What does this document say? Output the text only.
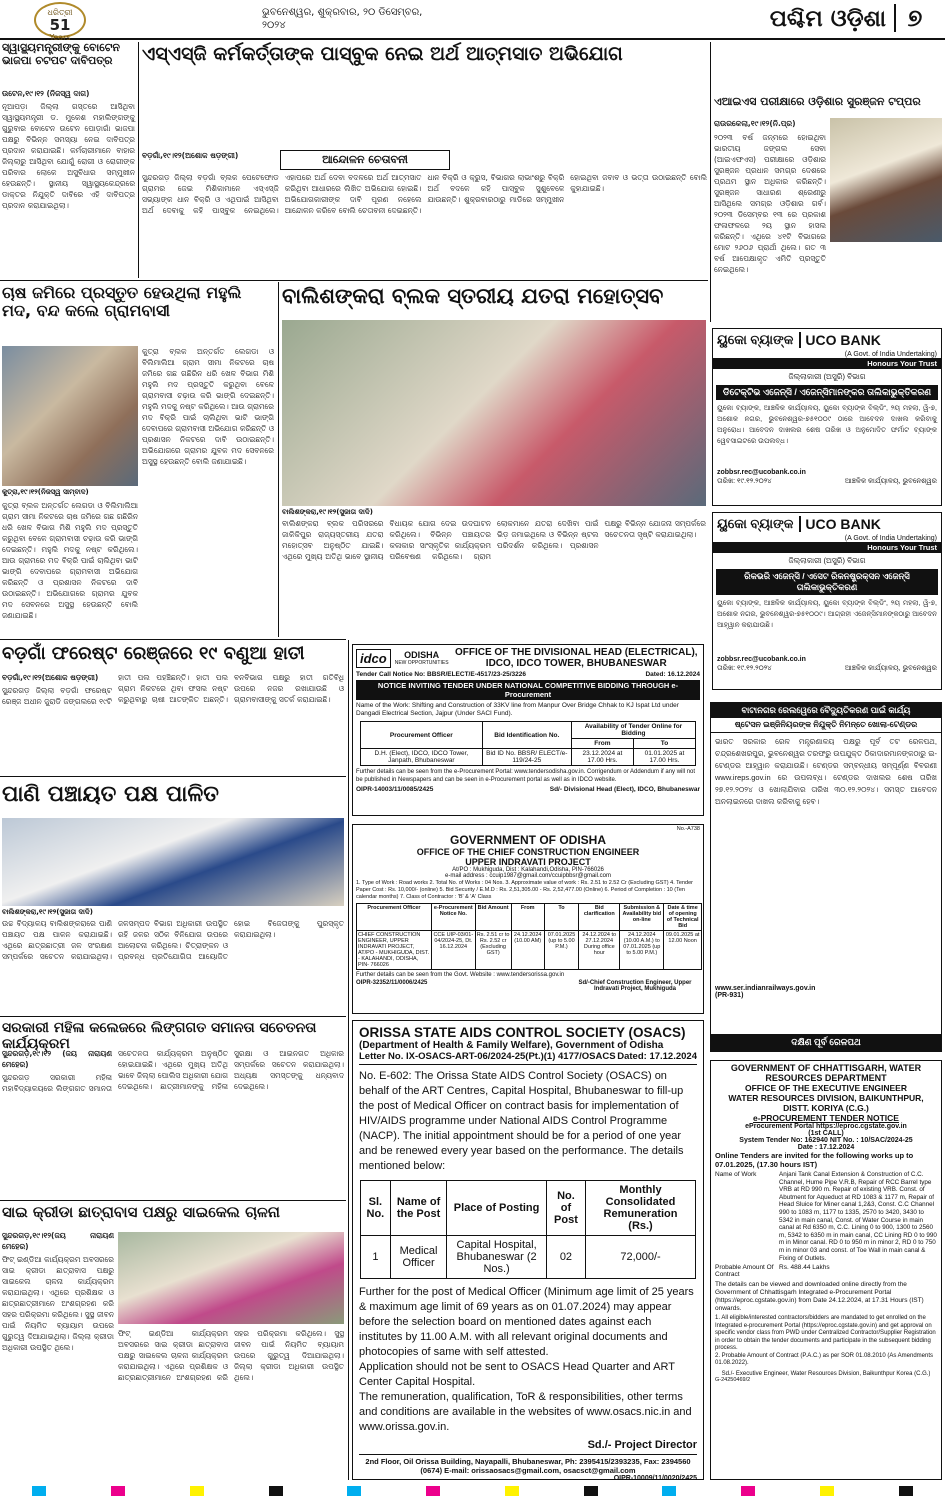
ଧରିତ୍ରୀ
51
Years
ଭୁବନେଶ୍ୱର, ଶୁକ୍ରବାର, ୨୦ ଡିସେମ୍ବର, ୨୦୨୪	ପଶ୍ଚିମ ଓଡ଼ିଶା ୭
ସ୍ୱାସ୍ଥ୍ୟମନ୍ତ୍ରୀଙ୍କୁ ବୋଟେନ ଭାଜପା ଚଟପଟ ଦାବିପତ୍ର

ଉଟେନ,୧୯।୧୨ (ନିଜସ୍ୱ ଦାଗ)

ନୂଆପଡ଼ା ଜିଲ୍ଲା ଗସ୍ତରେ ଆସିଥିବା ସ୍ୱାସ୍ଥ୍ୟମନ୍ତ୍ରୀ ଡ. ମୁକେଶ ମହାଲିଙ୍ଗଙ୍କୁ ଗୁରୁବାର ବୋଟେନ ଉଟେନ ପୋଡ଼ାଗାଁ ଭାଜପା ପକ୍ଷରୁ ବିଭିନ୍ନ ସମସ୍ୟା ନେଇ ଦାବିପତ୍ର ପ୍ରଦାନ କରାଯାଇଛି। କର୍ମଚାରୀମାନେ ବାହାର ଜିଲ୍ଲାରୁ ଆସିଥିବା ଯୋଗୁଁ ରୋଗୀ ଓ ରୋଗୀଙ୍କ ପରିବାର ଲୋକେ ଅସୁବିଧାର ସମ୍ମୁଖୀନ ହେଉଛନ୍ତି। ସ୍ଥାନୀୟ ସ୍ୱାସ୍ଥ୍ୟକେନ୍ଦ୍ରରେ ଡାକ୍ତର ନିଯୁକ୍ତି ଦାବିରେ ଏହି ଦାବିପତ୍ର ପ୍ରଦାନ କରାଯାଇଥିଲା।

ଏସ୍ଏସ୍‌ଜି କର୍ମକର୍ତ୍ତାଙ୍କ ପାସ୍‌ବୁକ ନେଇ ଅର୍ଥ ଆତ୍ମସାତ ଅଭିଯୋଗ
ଆନ୍ଦୋଳନ ଚେତାବନୀ

ବଡ଼ଗାଁ,୧୯।୧୨(ଅଶୋକ ଷଡ଼ଙ୍ଗୀ)

ସୁନ୍ଦରଗଡ଼ ଜିଲ୍ଲା ବଡ଼ଗାଁ ବ୍ଲକ ପେଟେଫୋଡ ଗ୍ରାମର ଜେଇ ମିଶିକାମାନେ ଏସ୍ଏସ୍‌ଜି ସଭ୍ୟାଙ୍କ ଧାନ ବିକ୍ରି ଓ ଏଥିପାଇଁ ଆସିଥିବା ଅର୍ଥ ଦେବାକୁ କହି ପାସ୍‌ବୁକ ନେଇଥିଲେ। ଏହାପରେ ଅର୍ଥ ଦେବା ବଦଳରେ ଅର୍ଥ ଆତ୍ମସାତ କରିଥିବା ଆଧାରରେ ଲିଖିତ ଅଭିଯୋଗ ହୋଇଛି। ଅଭିଯୋଗକାରୀଙ୍କ ଦାବି ପୂରଣ ନହେଲେ ଆନ୍ଦୋଳନ କରିବେ ବୋଲି ଚେତାବନୀ ଦେଇଛନ୍ତି। ଧାନ ବିକ୍ରି ଓ କ୍ରୁସ, ବିଭାଗର ଲାଭାଂଶରୁ ବିକ୍ରି ଅର୍ଥ ବଦଳେ କହି ପାସ୍‌ବୁକ ସୁଶୁବେଳେ ଯାଉଛନ୍ତି। ଶୁକ୍ରବାରଠାରୁ ମାଡିରେ ସମ୍ମୁଖୀନ ହୋଇଥିବା ଜବାବ ଓ ଭତ୍ତା ଉଠାଇଛନ୍ତି ବୋଲି କୁହାଯାଇଛି।
ଏଆଇଏସ ପରୀକ୍ଷାରେ ଓଡ଼ିଶାର ସୁରଞ୍ଜନ ଟପ୍ପର

ରାଉରକେଲା,୧୯।୧୨(ନି.ପ୍ର)

୨୦୨୩ ବର୍ଷ ଜନ୍ମରେ ହୋଇଥିବା ଭାରତୀୟ ଜଙ୍ଗଲ ସେବା (ଆଇଏଫଏସ) ପରୀକ୍ଷାରେ ଓଡ଼ିଶାର ସୁରଞ୍ଜନ ପ୍ରଧାନ ସମଗ୍ର ଦେଶରେ ପ୍ରଥମ ସ୍ଥାନ ଅଧିକାର କରିଛନ୍ତି। ସୁରଞ୍ଜନ ସାଧାରଣ ଶ୍ରେଣୀରୁ ଆସିଥିଲେ ସମଗ୍ର ଓଡ଼ିଶାର ଗର୍ବ। ୨୦୨୩ ଡିସେମ୍ବର ୧୩ ରେ ପ୍ରକାଶ ଫଳାଫଳରେ ୨ୟ ସ୍ଥାନ ହାସଲ କରିଛନ୍ତି। ଏଥିରେ ୪୧ଟି ବିଭାଗରେ ମୋଟ ୨୬୦୬ ପ୍ରାର୍ଥୀ ଥିଲେ। ଗତ ୩ ବର୍ଷ ଆପେକ୍ଷାକୃତ ଏମିତି ପ୍ରସ୍ତୁତି ନେଇଥିଲେ।
ଚାଷ ଜମିରେ ପ୍ରସ୍ତୁତ ହେଉଥିଲା ମହୁଲି ମଦ, ବନ୍ଦ କଲେ ଗ୍ରାମବାସୀ
କୁତ୍ରା,୧୯।୧୨(ନିଜସ୍ୱ ସାମ୍ବାଦ)
କୁତ୍ରା ବ୍ଲକ ଅନ୍ତର୍ଗତ ଲେଗଡା ଓ ବିଲିମାଲିଆ ଗ୍ରାମ ସୀମା ନିକଟରେ ଚାଷ ଜମିରେ ଗଛ ଗଛିରିନ ଧରି ଖେଳ ବିଭାଗ ମିଶି ମହୁଲି ମଦ ପ୍ରସ୍ତୁତି କରୁଥିବା ବେଳେ ଗ୍ରାମବାସୀ ଚଢ଼ାଉ କରି ଭାଙ୍ଗି ଦେଇଛନ୍ତି। ମହୁଲି ମଦକୁ ନଷ୍ଟ କରିଥିଲେ। ଆଉ ଗ୍ରାମରେ ମଦ ବିକ୍ରି ପାଇଁ ଚାଲିଥିବା ଭାଟି ଭାଙ୍ଗି ଦେବାପରେ ଗ୍ରାମବାସୀ ଅଭିଯୋଗ କରିଛନ୍ତି ଓ ପ୍ରଶାସନ ନିକଟରେ ଦାବି ଉଠାଇଛନ୍ତି। ଅଭିଯୋଗରେ ଗ୍ରାମର ଯୁବକ ମଦ ସେବନରେ ଅସୁସ୍ଥ ହେଉଛନ୍ତି ବୋଲି ଜଣାଯାଇଛି।
କୁତ୍ରା ବ୍ଲକ ଅନ୍ତର୍ଗତ ଲେଗଡା ଓ ବିଲିମାଲିଆ ଗ୍ରାମ ସୀମା ନିକଟରେ ଚାଷ ଜମିରେ ଗଛ ଗଛିରିନ ଧରି ଖେଳ ବିଭାଗ ମିଶି ମହୁଲି ମଦ ପ୍ରସ୍ତୁତି କରୁଥିବା ବେଳେ ଗ୍ରାମବାସୀ ଚଢ଼ାଉ କରି ଭାଙ୍ଗି ଦେଇଛନ୍ତି। ମହୁଲି ମଦକୁ ନଷ୍ଟ କରିଥିଲେ। ଆଉ ଗ୍ରାମରେ ମଦ ବିକ୍ରି ପାଇଁ ଚାଲିଥିବା ଭାଟି ଭାଙ୍ଗି ଦେବାପରେ ଗ୍ରାମବାସୀ ଅଭିଯୋଗ କରିଛନ୍ତି ଓ ପ୍ରଶାସନ ନିକଟରେ ଦାବି ଉଠାଇଛନ୍ତି। ଅଭିଯୋଗରେ ଗ୍ରାମର ଯୁବକ ମଦ ସେବନରେ ଅସୁସ୍ଥ ହେଉଛନ୍ତି ବୋଲି ଜଣାଯାଇଛି।
ବାଲିଶଙ୍କରା ବ୍ଲକ ସ୍ତରୀୟ ଯତରା ମହୋତ୍ସବ
ବାଲିଶଙ୍କରା,୧୯।୧୨(ସୁଜାତା ଦାଦି)
ବାଲିଶଙ୍କରା ବ୍ଲକ ପରିସରରେ ଜାକିକିପୁର ରାଜ୍ୟସ୍ତରୀୟ ଯତରା ମହୋତ୍ସବ ଅନୁଷ୍ଠିତ ଯାଇଛି। ଏଥିରେ ମୁଖ୍ୟ ଅତିଥି ଭାବେ ସ୍ଥାନୀୟ ବିଧାୟକ ଯୋଗ ଦେଇ ଉଦଘାଟନ କରିଥିଲେ। ବିଭିନ୍ନ ପଞ୍ଚାୟତର କଳାକାର ସାଂସ୍କୃତିକ କାର୍ଯ୍ୟକ୍ରମ ପରିବେଷଣ କରିଥିଲେ। ଗ୍ରାମ ଲୋକମାନେ ଯତରା ଦେଖିବା ପାଇଁ ଭିଡ଼ ଜମାଇଥିଲେ ଓ ବିଭିନ୍ନ ଷ୍ଟଲ ପରିଦର୍ଶନ କରିଥିଲେ। ପ୍ରଶାସନ ପକ୍ଷରୁ ବିଭିନ୍ନ ଯୋଜନା ସମ୍ପର୍କରେ ସଚେତନତା ସୃଷ୍ଟି କରାଯାଇଥିଲା।
ୟୁକୋ ବ୍ୟାଙ୍କ UCO BANK
(A Govt. of India Undertaking)
Honours Your Trust
ଜିଲ୍ଲାକାରୀ (ଅସୁରି) ବିଭାଗ
ଡିଟେକ୍ଟିଭ ଏଜେନ୍ସି / ଏଜେନ୍ସିମାନଙ୍କର ତାଲିକାଭୁକ୍ତିକରଣ
ୟୁକୋ ବ୍ୟାଙ୍କ, ଆଞ୍ଚଳିକ କାର୍ଯ୍ୟାଳୟ, ୟୁକୋ ବ୍ୟାଙ୍କ ବିଲ୍ଡିଂ, ୨ୟ ମହଲା, ୱି-୭, ଅଶୋକ ନଗର, ଭୁବନେଶ୍ୱର-୭୫୧୦୦୯ ଠାରେ ଆବେଦନ ଦାଖଲ କରିବାକୁ ଅନୁରୋଧ। ଆବେଦନ ଦାଖଲର ଶେଷ ତାରିଖ ଓ ଅନୁମୋଦିତ ଫର୍ମାଟ ବ୍ୟାଙ୍କ ୱେବସାଇଟରେ ଉପଲବ୍ଧ।
zobbsr.rec@ucobank.co.in
ତାରିଖ: ୧୯.୧୨.୨୦୨୪	ଆଞ୍ଚଳିକ କାର୍ଯ୍ୟାଳୟ, ଭୁବନେଶ୍ୱର
ୟୁକୋ ବ୍ୟାଙ୍କ UCO BANK
(A Govt. of India Undertaking)
Honours Your Trust
ଜିଲ୍ଲାକାରୀ (ଅସୁରି) ବିଭାଗ
ରିକଭରି ଏଜେନ୍ସି / ଏସେଟ ରିକନଷ୍ଟ୍ରକ୍ସନ ଏଜେନ୍ସି ତାଲିକାଭୁକ୍ତିକରଣ
ୟୁକୋ ବ୍ୟାଙ୍କ, ଆଞ୍ଚଳିକ କାର୍ଯ୍ୟାଳୟ, ୟୁକୋ ବ୍ୟାଙ୍କ ବିଲ୍ଡିଂ, ୨ୟ ମହଲା, ୱି-୭, ଅଶୋକ ନଗର, ଭୁବନେଶ୍ୱର-୭୫୧୦୦୯। ଆଗ୍ରହୀ ଏଜେନ୍ସିମାନଙ୍କଠାରୁ ଆବେଦନ ଆହ୍ୱାନ କରାଯାଉଛି।
zobbsr.rec@ucobank.co.in
ତାରିଖ: ୧୯.୧୨.୨୦୨୪	ଆଞ୍ଚଳିକ କାର୍ଯ୍ୟାଳୟ, ଭୁବନେଶ୍ୱର
ବଡ଼ଗାଁ ଫରେଷ୍ଟ ରେଞ୍ଜରେ ୧୯ ବଣୁଆ ହାତୀ

ବଡ଼ଗାଁ,୧୯।୧୨(ଅଶୋକ ଷଡ଼ଙ୍ଗୀ)

ସୁନ୍ଦରଗଡ଼ ଜିଲ୍ଲା ବଡ଼ଗାଁ ଫରେଷ୍ଟ ରେଞ୍ଜ ଅଧୀନ ଜୁରାଡି ଜଙ୍ଗଲରେ ୧୯ଟି ହାତୀ ପଲ ପହଞ୍ଚିଛନ୍ତି। ହାତୀ ପଲ ଗ୍ରାମ ନିକଟରେ ଥିବା ଫସଲ ନଷ୍ଟ କରୁଥିବାରୁ ଚାଷୀ ଆତଙ୍କିତ ଅଛନ୍ତି। ବନବିଭାଗ ପକ୍ଷରୁ ହାତୀ ଗତିବିଧି ଉପରେ ନଜର ରଖାଯାଉଛି ଓ ଗ୍ରାମବାସୀଙ୍କୁ ସତର୍କ କରାଯାଇଛି।

ପାଣି ପଞ୍ଚାୟତ ପକ୍ଷ ପାଳିତ
ବାଲିଶଙ୍କରା,୧୯।୧୨(ସୁଜାତା ଦାଦି)
ଉଚ୍ଚ ବିଦ୍ୟାଳୟ ବାଲିଶଙ୍କରାରେ ପାଣି ପଞ୍ଚାୟତ ପକ୍ଷ ପାଳନ କରାଯାଇଛି। ଏଥିରେ ଛାତ୍ରଛାତ୍ରୀ ଜଳ ସଂରକ୍ଷଣ ସମ୍ପର୍କରେ ସଚେତନ କରାଯାଇଥିଲା। ଜଳସମ୍ପଦ ବିଭାଗ ଅଧିକାରୀ ଉପସ୍ଥିତ ରହି ଜଳର ସଠିକ ବିନିଯୋଗ ଉପରେ ଆଲୋଚନା କରିଥିଲେ। ଚିତ୍ରାଙ୍କନ ଓ ପ୍ରବନ୍ଧ ପ୍ରତିଯୋଗିତା ଆୟୋଜିତ ହୋଇ ବିଜେତାଙ୍କୁ ପୁରସ୍କୃତ କରାଯାଇଥିଲା।
ସରକାରୀ ମହିଳା କଲେଜରେ ଲିଙ୍ଗଗତ ସମାନତା ସଚେତନତା କାର୍ଯ୍ୟକ୍ରମ

ସୁନ୍ଦରଗଡ଼,୧୯।୧୨ (ଜୟ ନାରାୟଣ ମେହେର)

ସୁନ୍ଦରଗଡ଼ ସରକାରୀ ମହିଳା ମହାବିଦ୍ୟାଳୟରେ ଲିଙ୍ଗଗତ ସମାନତା ସଚେତନତା କାର୍ଯ୍ୟକ୍ରମ ଅନୁଷ୍ଠିତ ହୋଇଯାଇଛି। ଏଥିରେ ମୁଖ୍ୟ ଅତିଥି ଭାବେ ଜିଲ୍ଲା ପୋଲିସ ଅଧିକାରୀ ଯୋଗ ଦେଇଥିଲେ। ଛାତ୍ରୀମାନଙ୍କୁ ମହିଳା ସୁରକ୍ଷା ଓ ଆଇନଗତ ଅଧିକାର ସମ୍ପର୍କରେ ସଚେତନ କରାଯାଇଥିଲା। ଅଧ୍ୟକ୍ଷ ସମସ୍ତଙ୍କୁ ଧନ୍ୟବାଦ ଦେଇଥିଲେ।

ସାଇ କ୍ରୀଡା ଛାତ୍ରାବାସ ପକ୍ଷରୁ ସାଇକେଲ ଚାଳନା

ସୁନ୍ଦରଗଡ଼,୧୯।୧୨(ଜୟ ନାରାୟଣ ମେହେର)

ଫିଟ୍ ଇଣ୍ଡିଆ କାର୍ଯ୍ୟକ୍ରମ ଅବସରରେ ସାଇ କ୍ରୀଡା ଛାତ୍ରାବାସ ପକ୍ଷରୁ ସାଇକେଲ ଚାଳନା କାର୍ଯ୍ୟକ୍ରମ କରାଯାଇଥିଲା। ଏଥିରେ ପ୍ରଶିକ୍ଷକ ଓ ଛାତ୍ରଛାତ୍ରୀମାନେ ଅଂଶଗ୍ରହଣ କରି ସହର ପରିକ୍ରମା କରିଥିଲେ। ସୁସ୍ଥ ଜୀବନ ପାଇଁ ନିୟମିତ ବ୍ୟାୟାମ ଉପରେ ଗୁରୁତ୍ୱ ଦିଆଯାଇଥିଲା। ଜିଲ୍ଲା କ୍ରୀଡା ଅଧିକାରୀ ଉପସ୍ଥିତ ଥିଲେ।

ଫିଟ୍ ଇଣ୍ଡିଆ କାର୍ଯ୍ୟକ୍ରମ ଅବସରରେ ସାଇ କ୍ରୀଡା ଛାତ୍ରାବାସ ପକ୍ଷରୁ ସାଇକେଲ ଚାଳନା କାର୍ଯ୍ୟକ୍ରମ କରାଯାଇଥିଲା। ଏଥିରେ ପ୍ରଶିକ୍ଷକ ଓ ଛାତ୍ରଛାତ୍ରୀମାନେ ଅଂଶଗ୍ରହଣ କରି ସହର ପରିକ୍ରମା କରିଥିଲେ। ସୁସ୍ଥ ଜୀବନ ପାଇଁ ନିୟମିତ ବ୍ୟାୟାମ ଉପରେ ଗୁରୁତ୍ୱ ଦିଆଯାଇଥିଲା। ଜିଲ୍ଲା କ୍ରୀଡା ଅଧିକାରୀ ଉପସ୍ଥିତ ଥିଲେ।
idco	ODISHA
NEW OPPORTUNITIES
OFFICE OF THE DIVISIONAL HEAD (ELECTRICAL), IDCO, IDCO TOWER, BHUBANESWAR
Tender Call Notice No: BBSR/ELECT/E-4517/23-25/3226	Dated: 16.12.2024
NOTICE INVITING TENDER UNDER NATIONAL COMPETITIVE BIDDING THROUGH e-Procurement
Name of the Work: Shifting and Construction of 33KV line from Manpur Over Bridge Chhak to KJ Ispat Ltd under Dangadi Electrical Section, Jajpur (Under SACI Fund).
Procurement Officer	Bid Identification No.	Availability of Tender Online for Bidding	
		From	To
D.H. (Elect), IDCO, IDCO Tower, Janpath, Bhubaneswar	Bid ID No. BBSR/ ELECT/e-119/24-25	23.12.2024 at 17.00 Hrs.	01.01.2025 at 17.00 Hrs.
Further details can be seen from the e-Procurement Portal: www.tendersodisha.gov.in. Corrigendum or Addendum if any will not be published in Newspapers and can be seen in e-Procurement portal as well as in IDCO website.
OIPR-14003/11/0085/2425	Sd/- Divisional Head (Elect), IDCO, Bhubaneswar
No.-A738
GOVERNMENT OF ODISHA
OFFICE OF THE CHIEF CONSTRUCTION ENGINEER
UPPER INDRAVATI PROJECT
At/PO : Mukhiguda, Dist : Kalahandi,Odisha, PIN-766026
e-mail address : ccuip1987@gmail.com/ccuipbbsr@gmail.com
1. Type of Work : Road works 2. Total No. of Works : 04 Nos. 3. Approximate value of work : Rs. 2.51 to 2.52 Cr (Excluding GST) 4. Tender Paper Cost : Rs. 10,000/- (online) 5. Bid Security / E.M.D : Rs. 2,51,305.00 - Rs. 2,52,477.00 (Online) 6. Period of Completion : 10 (Ten calendar months) 7. Class of Contractor : 'B' & 'A' Class
Procurement Officer	e-Procurement Notice No.	Bid Amount	From	To	Bid clarification	Submission & Availability bid on-line	Date & time of opening of Technical Bid
CHIEF CONSTRUCTION ENGINEER, UPPER INDRAVATI PROJECT, AT/PO - MUKHIGUDA, DIST. - KALAHANDI, ODISHA, PIN- 766026	CCE UIP-03/01-04/2024-25, Dt. 16.12.2024	Rs. 2.51 cr to Rs. 2.52 cr (Excluding GST)	24.12.2024 (10.00 AM)	07.01.2025 (up to 5.00 P.M.)	24.12.2024 to 27.12.2024 During office hour	24.12.2024 (10.00 A.M.) to 07.01.2025 (up to 5.00 P.M.)	09.01.2025 at 12.00 Noon
Further details can be seen from the Govt. Website : www.tendersorissa.gov.in
OIPR-32352/11/0006/2425	Sd/-Chief Construction Engineer, Upper Indravati Project, Mukhiguda
ORISSA STATE AIDS CONTROL SOCIETY (OSACS)
(Department of Health & Family Welfare), Government of Odisha
Letter No. IX-OSACS-ART-06/2024-25(Pt.)(1) 4177/OSACS Dated: 17.12.2024
No. E-602: The Orissa State AIDS Control Society (OSACS) on behalf of the ART Centres, Capital Hospital, Bhubaneswar to fill-up the post of Medical Officer on contract basis for implementation of HIV/AIDS programme under National AIDS Control Programme (NACP). The initial appointment should be for a period of one year and be renewed every year based on the performance. The details mentioned below:
Sl. No.	Name of the Post	Place of Posting	No. of Post	Monthly Consolidated Remuneration (Rs.)
1	Medical Officer	Capital Hospital, Bhubaneswar (2 Nos.)	02	72,000/-
Further for the post of Medical Officer (Minimum age limit of 25 years & maximum age limit of 69 years as on 01.07.2024) may appear before the selection board on mentioned dates against each institutes by 11.00 A.M. with all relevant original documents and photocopies of same with self attested.
Application should not be sent to OSACS Head Quarter and ART Center Capital Hospital.
The remuneration, qualification, ToR & responsibilities, other terms and conditions are available in the websites of www.osacs.nic.in and www.orissa.gov.in.
Sd./- Project Director
2nd Floor, Oil Orissa Building, Nayapalli, Bhubaneswar, Ph: 2395415/2393235, Fax: 2394560 (0674) E-mail: orissaosacs@gmail.com, osacsct@gmail.com
OIPR-10009/11/0020/2425
ବାଟାନଗର ରେଲୱେରେ ବୈଦ୍ୟୁତିକରଣ ପାଇଁ କାର୍ଯ୍ୟ
ଷ୍ଟେସନ ଇଞ୍ଜିନିୟରଙ୍କ ନିଯୁକ୍ତି ନିମନ୍ତେ ଖୋଲା-ଟେଣ୍ଡର
ଭାରତ ସରକାର ରେଳ ମନ୍ତ୍ରଣାଳୟ ପକ୍ଷରୁ ପୂର୍ବ ତଟ ରେଳପଥ, ଚନ୍ଦ୍ରଶେଖରପୁର, ଭୁବନେଶ୍ୱର ତରଫରୁ ଉପଯୁକ୍ତ ଠିକାଦାରମାନଙ୍କଠାରୁ ଇ-ଟେଣ୍ଡର ଆହ୍ୱାନ କରାଯାଉଛି। ଟେଣ୍ଡର ସମ୍ବନ୍ଧୀୟ ସମ୍ପୂର୍ଣ୍ଣ ବିବରଣୀ www.ireps.gov.in ରେ ଉପଲବ୍ଧ। ଟେଣ୍ଡର ଦାଖଲର ଶେଷ ତାରିଖ ୨୭.୧୨.୨୦୨୪ ଓ ଖୋଲାଯିବାର ତାରିଖ ୩୦.୧୨.୨୦୨୪। ସମସ୍ତ ଆବେଦନ ଅନଲାଇନରେ ଦାଖଲ କରିବାକୁ ହେବ।
www.ser.indianrailways.gov.in
(PR-931)
ଦକ୍ଷିଣ ପୂର୍ବ ରେଳପଥ
GOVERNMENT OF CHHATTISGARH, WATER RESOURCES DEPARTMENT
OFFICE OF THE EXECUTIVE ENGINEER
WATER RESOURCES DIVISION, BAIKUNTHPUR, DISTT. KORIYA (C.G.)
e-PROCUREMENT TENDER NOTICE
eProcurement Portal https://eproc.cgstate.gov.in
(1st CALL)
System Tender No: 162940 NIT No. : 10/SAC/2024-25
Date : 17.12.2024
Online Tenders are invited for the following works up to 07.01.2025, (17.30 hours IST)
Name of Work	Anjani Tank Canal Extension & Construction of C.C. Channel, Hume Pipe V.R.B, Repair of RCC Barrel type VRB at RD 990 m. Repair of existing VRB. Const. of Abutment for Aqueduct at RD 1083 & 1177 m, Repair of Head Sluice for Miner canal 1,2&3, Const. C.C Channel 990 to 1083 m, 1177 to 1335, 2570 to 3420, 3430 to 5342 in main canal, Const. of Water Course in main canal at Rd 6350 m, C.C. Lining 0 to 900, 1300 to 2560 m, 5342 to 6350 m in main canal, CC Lining RD 0 to 990 m in Minor canal. RD 0 to 950 m in minor 2, RD 0 to 750 m in minor 03 and const. of Toe Wall in main canal & Fixing of Outlets.
Probable Amount Of Contract
Rs. 488.44 Lakhs
The details can be viewed and downloaded online directly from the Government of Chhattisgarh Integrated e-Procurement Portal (https://eproc.cgstate.gov.in) from Date 24.12.2024, at 17.31 Hours (IST) onwards.
1. All eligible/interested contractors/bidders are mandated to get enrolled on the Integrated e-procurement Portal (https://eproc.cgstate.gov.in) and get approval on specific vendor class from PWD under Centralized Contractor/Supplier Registration in order to obtain the tender documents and participate in the subsequent bidding process.
2. Probable Amount of Contract (P.A.C.) as per SOR 01.08.2010 (As Amendments 01.08.2022).
Sd./- Executive Engineer, Water Resources Division, Baikunthpur Korea (C.G.)
G-24250469/2
